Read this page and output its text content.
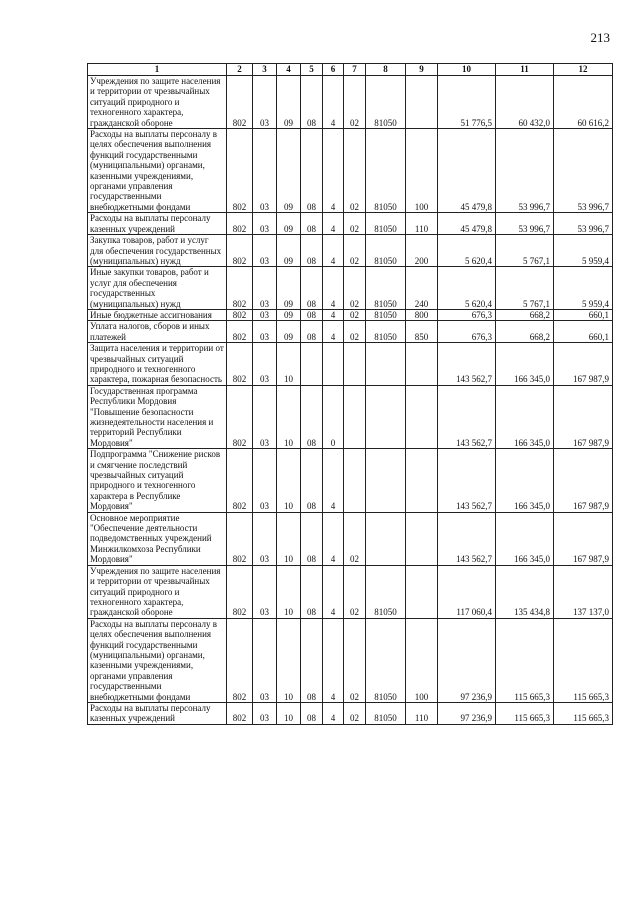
213
1	2	3	4	5	6	7	8	9	10	11	12
Учреждения по защите населения и территории от чрезвычайных ситуаций природного и техногенного характера, гражданской обороне	802	03	09	08	4	02	81050		51 776,5	60 432,0	60 616,2
Расходы на выплаты персоналу в целях обеспечения выполнения функций государственными (муниципальными) органами, казенными учреждениями, органами управления государственными внебюджетными фондами	802	03	09	08	4	02	81050	100	45 479,8	53 996,7	53 996,7
Расходы на выплаты персоналу казенных учреждений	802	03	09	08	4	02	81050	110	45 479,8	53 996,7	53 996,7
Закупка товаров, работ и услуг для обеспечения государственных (муниципальных) нужд	802	03	09	08	4	02	81050	200	5 620,4	5 767,1	5 959,4
Иные закупки товаров, работ и услуг для обеспечения государственных (муниципальных) нужд	802	03	09	08	4	02	81050	240	5 620,4	5 767,1	5 959,4
Иные бюджетные ассигнования	802	03	09	08	4	02	81050	800	676,3	668,2	660,1
Уплата налогов, сборов и иных платежей	802	03	09	08	4	02	81050	850	676,3	668,2	660,1
Защита населения и территории от чрезвычайных ситуаций природного и техногенного характера, пожарная безопасность	802	03	10						143 562,7	166 345,0	167 987,9
Государственная программа Республики Мордовия "Повышение безопасности жизнедеятельности населения и территорий Республики Мордовия"	802	03	10	08	0				143 562,7	166 345,0	167 987,9
Подпрограмма "Снижение рисков и смягчение последствий чрезвычайных ситуаций природного и техногенного характера в Республике Мордовия"	802	03	10	08	4				143 562,7	166 345,0	167 987,9
Основное мероприятие "Обеспечение деятельности подведомственных учреждений Минжилкомхоза Республики Мордовия"	802	03	10	08	4	02			143 562,7	166 345,0	167 987,9
Учреждения по защите населения и территории от чрезвычайных ситуаций природного и техногенного характера, гражданской обороне	802	03	10	08	4	02	81050		117 060,4	135 434,8	137 137,0
Расходы на выплаты персоналу в целях обеспечения выполнения функций государственными (муниципальными) органами, казенными учреждениями, органами управления государственными внебюджетными фондами	802	03	10	08	4	02	81050	100	97 236,9	115 665,3	115 665,3
Расходы на выплаты персоналу казенных учреждений	802	03	10	08	4	02	81050	110	97 236,9	115 665,3	115 665,3
